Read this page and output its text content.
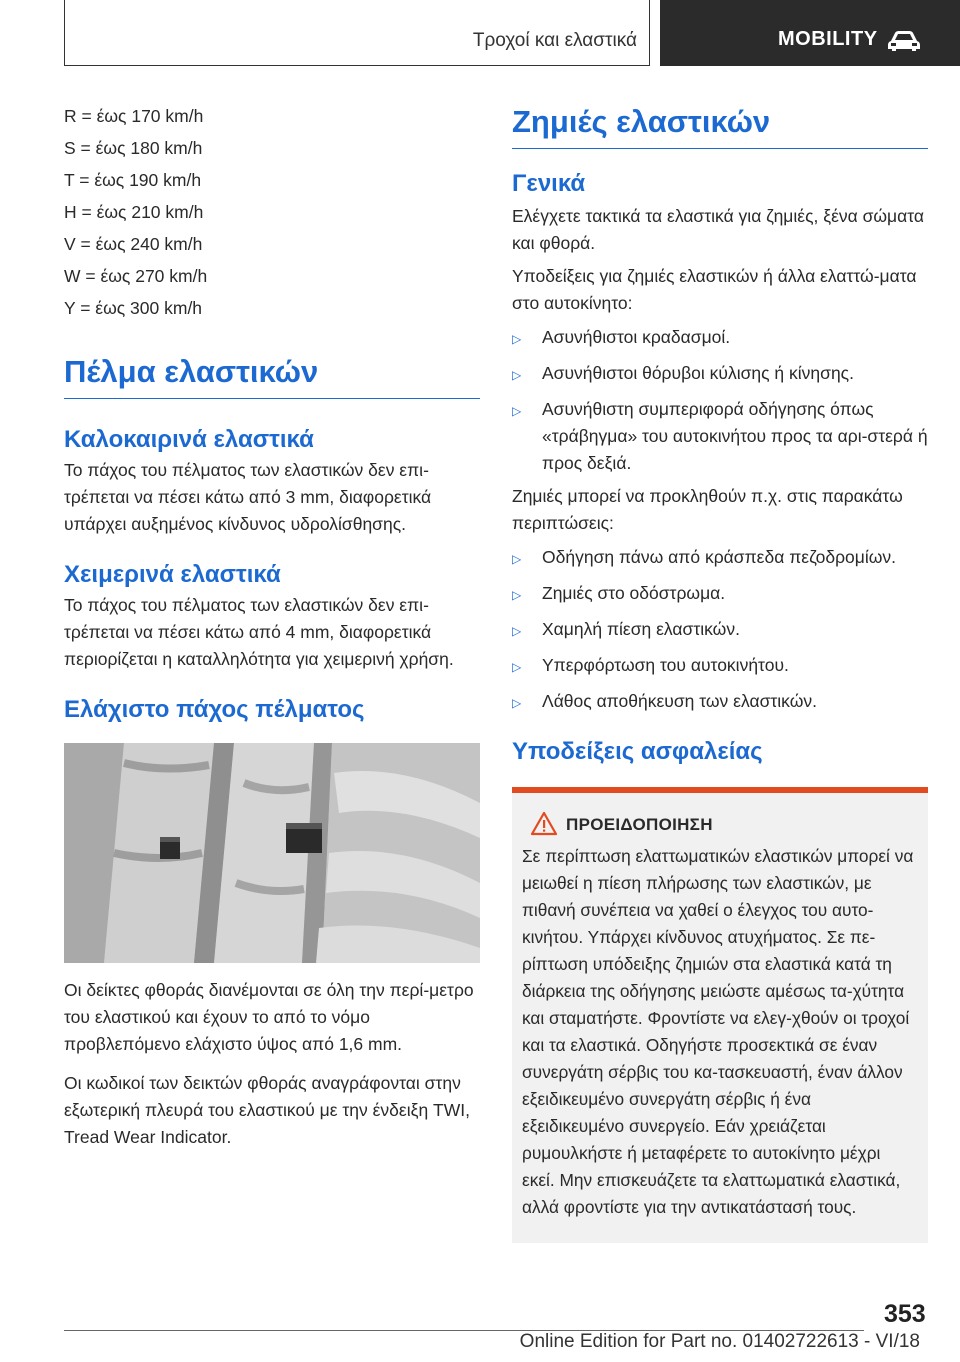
Τροχοί και ελαστικά	MOBILITY
R = έως 170 km/h
S = έως 180 km/h
T = έως 190 km/h
H = έως 210 km/h
V = έως 240 km/h
W = έως 270 km/h
Y = έως 300 km/h
Πέλμα ελαστικών
Καλοκαιρινά ελαστικά
Το πάχος του πέλματος των ελαστικών δεν επι-τρέπεται να πέσει κάτω από 3 mm, διαφορετικά υπάρχει αυξημένος κίνδυνος υδρολίσθησης.
Χειμερινά ελαστικά
Το πάχος του πέλματος των ελαστικών δεν επι-τρέπεται να πέσει κάτω από 4 mm, διαφορετικά περιορίζεται η καταλληλότητα για χειμερινή χρήση.
Ελάχιστο πάχος πέλματος
Οι δείκτες φθοράς διανέμονται σε όλη την περί-μετρο του ελαστικού και έχουν το από το νόμο προβλεπόμενο ελάχιστο ύψος από 1,6 mm.
Οι κωδικοί των δεικτών φθοράς αναγράφονται στην εξωτερική πλευρά του ελαστικού με την ένδειξη TWI, Tread Wear Indicator.
Ζημιές ελαστικών
Γενικά
Ελέγχετε τακτικά τα ελαστικά για ζημιές, ξένα σώματα και φθορά.
Υποδείξεις για ζημιές ελαστικών ή άλλα ελαττώ-ματα στο αυτοκίνητο:
▷	Ασυνήθιστοι κραδασμοί.
▷	Ασυνήθιστοι θόρυβοι κύλισης ή κίνησης.
▷	Ασυνήθιστη συμπεριφορά οδήγησης όπως «τράβηγμα» του αυτοκινήτου προς τα αρι-στερά ή προς δεξιά.
Ζημιές μπορεί να προκληθούν π.χ. στις παρακάτω περιπτώσεις:
▷	Οδήγηση πάνω από κράσπεδα πεζοδρομίων.
▷	Ζημιές στο οδόστρωμα.
▷	Χαμηλή πίεση ελαστικών.
▷	Υπερφόρτωση του αυτοκινήτου.
▷	Λάθος αποθήκευση των ελαστικών.
Υποδείξεις ασφαλείας
ΠΡΟΕΙΔΟΠΟΙΗΣΗ
Σε περίπτωση ελαττωματικών ελαστικών μπορεί να μειωθεί η πίεση πλήρωσης των ελαστικών, με πιθανή συνέπεια να χαθεί ο έλεγχος του αυτο-κινήτου. Υπάρχει κίνδυνος ατυχήματος. Σε πε-ρίπτωση υπόδειξης ζημιών στα ελαστικά κατά τη διάρκεια της οδήγησης μειώστε αμέσως τα-χύτητα και σταματήστε. Φροντίστε να ελεγ-χθούν οι τροχοί και τα ελαστικά. Οδηγήστε προσεκτικά σε έναν συνεργάτη σέρβις του κα-τασκευαστή, έναν άλλον εξειδικευμένο συνεργάτη σέρβις ή ένα εξειδικευμένο συνεργείο. Εάν χρειάζεται ρυμουλκήστε ή μεταφέρετε το αυτοκίνητο μέχρι εκεί. Μην επισκευάζετε τα ελαττωματικά ελαστικά, αλλά φροντίστε για την αντικατάστασή τους.
353
Online Edition for Part no. 01402722613 - VI/18
